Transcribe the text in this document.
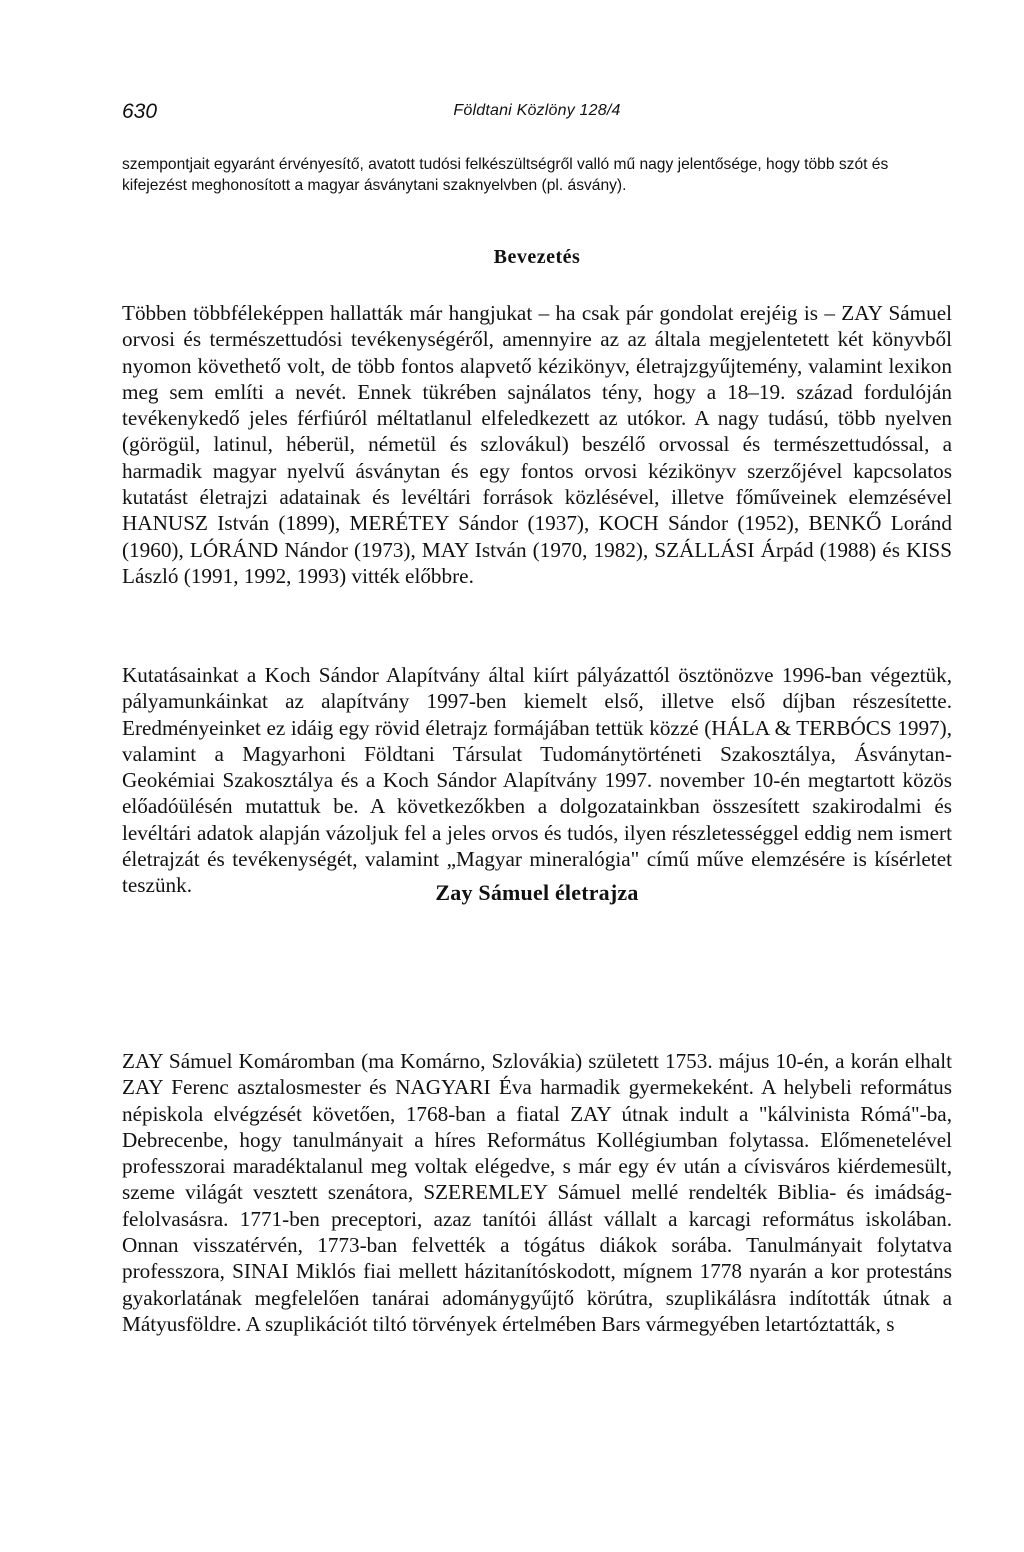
630	Földtani Közlöny 128/4

szempontjait egyaránt érvényesítő, avatott tudósi felkészültségről valló mű nagy jelentősége, hogy több szót és kifejezést meghonosított a magyar ásványtani szaknyelvben (pl. ásvány).

Bevezetés

Többen többféleképpen hallatták már hangjukat – ha csak pár gondolat erejéig is – ZAY Sámuel orvosi és természettudósi tevékenységéről, amennyire az az általa megjelentetett két könyvből nyomon követhető volt, de több fontos alapvető kézikönyv, életrajzgyűjtemény, valamint lexikon meg sem említi a nevét. Ennek tükrében sajnálatos tény, hogy a 18–19. század fordulóján tevékenykedő jeles férfiúról méltatlanul elfeledkezett az utókor. A nagy tudású, több nyelven (görögül, latinul, héberül, németül és szlovákul) beszélő orvossal és természettudóssal, a harmadik magyar nyelvű ásványtan és egy fontos orvosi kézikönyv szerzőjével kapcsolatos kutatást életrajzi adatainak és levéltári források közlésével, illetve főműveinek elemzésével HANUSZ István (1899), MERÉTEY Sándor (1937), KOCH Sándor (1952), BENKŐ Loránd (1960), LÓRÁND Nándor (1973), MAY István (1970, 1982), SZÁLLÁSI Árpád (1988) és KISS László (1991, 1992, 1993) vitték előbbre.

Kutatásainkat a Koch Sándor Alapítvány által kiírt pályázattól ösztönözve 1996-ban végeztük, pályamunkáinkat az alapítvány 1997-ben kiemelt első, illetve első díjban részesítette. Eredményeinket ez idáig egy rövid életrajz formájában tettük közzé (HÁLA & TERBÓCS 1997), valamint a Magyarhoni Földtani Társulat Tudománytörténeti Szakosztálya, Ásványtan-Geokémiai Szakosztálya és a Koch Sándor Alapítvány 1997. november 10-én megtartott közös előadóülésén mutattuk be. A következőkben a dolgozatainkban összesített szakirodalmi és levéltári adatok alapján vázoljuk fel a jeles orvos és tudós, ilyen részletességgel eddig nem ismert életrajzát és tevékenységét, valamint „Magyar mineralógia" című műve elemzésére is kísérletet teszünk.	Zay Sámuel életrajza

ZAY Sámuel Komáromban (ma Komárno, Szlovákia) született 1753. május 10-én, a korán elhalt ZAY Ferenc asztalosmester és NAGYARI Éva harmadik gyermekeként. A helybeli református népiskola elvégzését követően, 1768-ban a fiatal ZAY útnak indult a "kálvinista Rómá"-ba, Debrecenbe, hogy tanulmányait a híres Református Kollégiumban folytassa. Előmenetelével professzorai maradéktalanul meg voltak elégedve, s már egy év után a cívisváros kiérdemesült, szeme világát vesztett szenátora, SZEREMLEY Sámuel mellé rendelték Biblia- és imádság-felolvasásra. 1771-ben preceptori, azaz tanítói állást vállalt a karcagi református iskolában. Onnan visszatérvén, 1773-ban felvették a tógátus diákok sorába. Tanulmányait folytatva professzora, SINAI Miklós fiai mellett házitanítóskodott, mígnem 1778 nyarán a kor protestáns gyakorlatának megfelelően tanárai adománygyűjtő körútra, szuplikálásra indították útnak a Mátyusföldre. A szuplikációt tiltó törvények értelmében Bars vármegyében letartóztatták, s
